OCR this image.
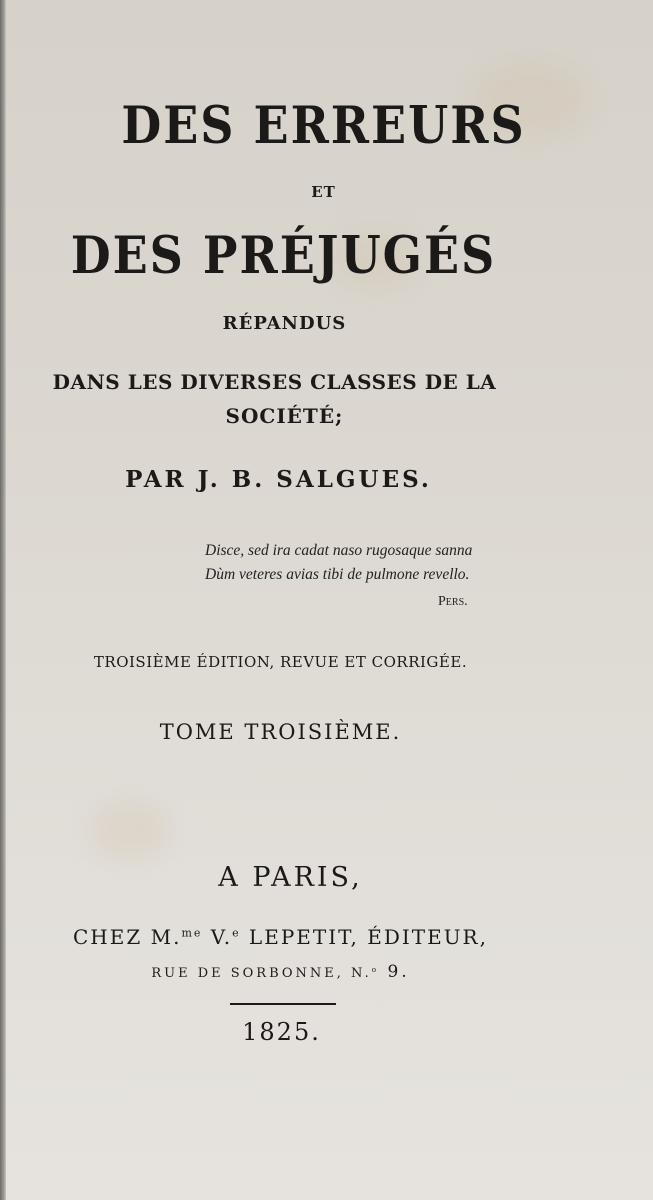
DES ERREURS
ET
DES PRÉJUGÉS
RÉPANDUS
DANS LES DIVERSES CLASSES DE LA
SOCIÉTÉ;
PAR J. B. SALGUES.
Disce, sed ira cadat naso rugosaque sanna
Dùm veteres avias tibi de pulmone revello.
Pers.
TROISIÈME ÉDITION, REVUE ET CORRIGÉE.
TOME TROISIÈME.
A PARIS,
CHEZ M.$^{me}$ V.$^e$ LEPETIT, ÉDITEUR,
RUE DE SORBONNE, N.$^o$ 9.
1825.
